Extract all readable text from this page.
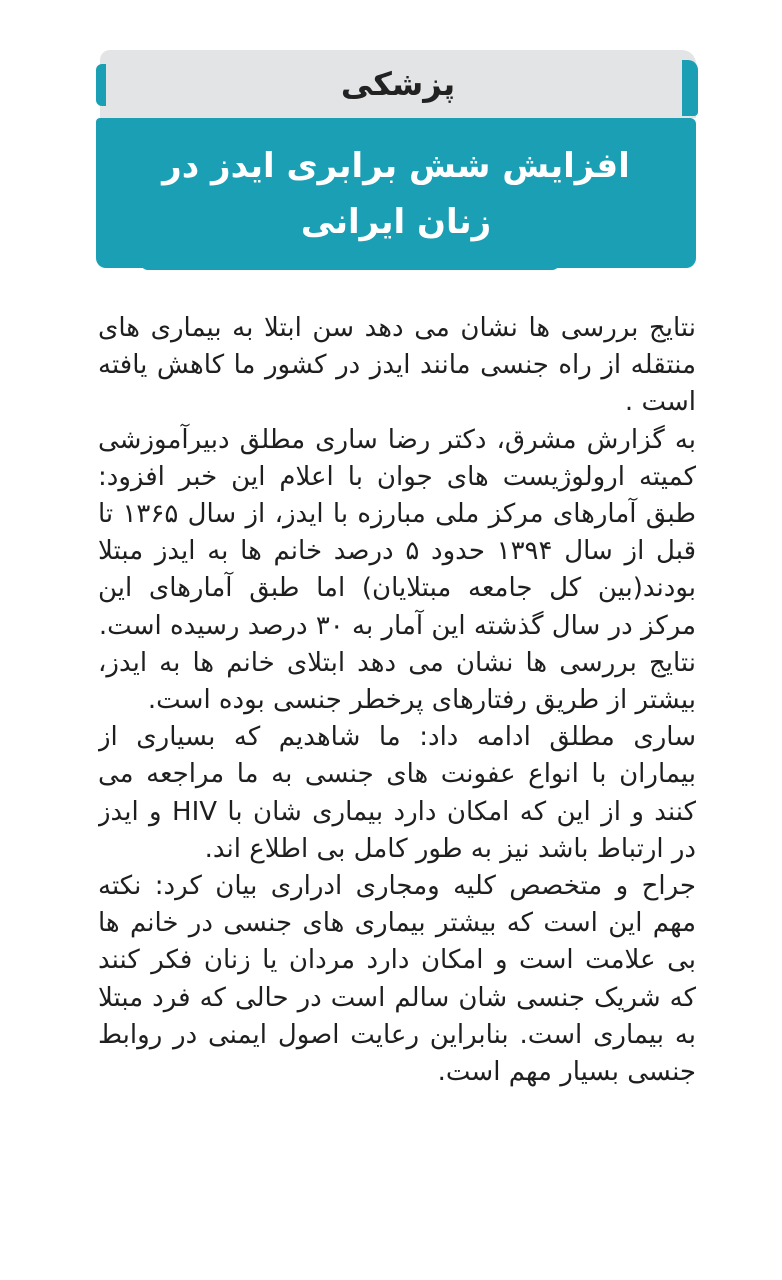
پزشکی
افزایش شش برابری ایدز در
زنان ایرانی

نتایج بررسی ها نشان می دهد سن ابتلا به بیماری های منتقله از راه جنسی مانند ایدز در کشور ما کاهش یافته است .

به گزارش مشرق، دکتر رضا ساری مطلق دبیرآموزشی کمیته ارولوژیست های جوان با اعلام این خبر افزود: طبق آمارهای مرکز ملی مبارزه با ایدز، از سال ۱۳۶۵ تا قبل از سال ۱۳۹۴ حدود ۵ درصد خانم ها به ایدز مبتلا بودند(بین کل جامعه مبتلایان) اما طبق آمارهای این مرکز در سال گذشته این آمار به ۳۰ درصد رسیده است.

نتایج بررسی ها نشان می دهد ابتلای خانم ها به ایدز، بیشتر از طریق رفتارهای پرخطر جنسی بوده است.

ساری مطلق ادامه داد: ما شاهدیم که بسیاری از بیماران با انواع عفونت های جنسی به ما مراجعه می کنند و از این که امکان دارد بیماری شان با HIV و ایدز در ارتباط باشد نیز به طور کامل بی اطلاع اند.

جراح و متخصص کلیه ومجاری ادراری بیان کرد: نکته مهم این است که بیشتر بیماری های جنسی در خانم ها بی علامت است و امکان دارد مردان یا زنان فکر کنند که شریک جنسی شان سالم است در حالی که فرد مبتلا به بیماری است. بنابراین رعایت اصول ایمنی در روابط جنسی بسیار مهم است.
